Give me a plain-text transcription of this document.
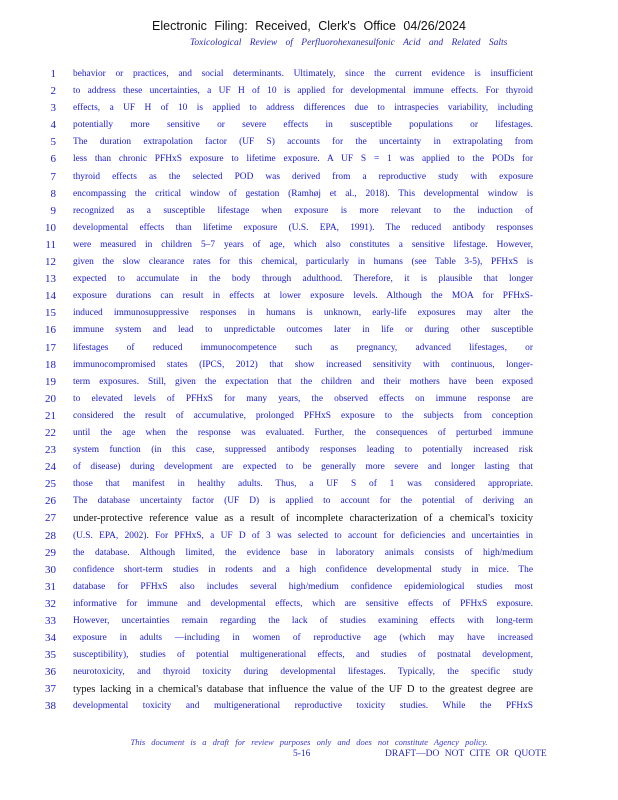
Electronic Filing: Received, Clerk's Office 04/26/2024
Toxicological Review of Perfluorohexanesulfonic Acid and Related Salts
1 behavior or practices, and social determinants. Ultimately, since the current evidence is insufficient
2 to address these uncertainties, a UF H of 10 is applied for developmental immune effects. For thyroid
3 effects, a UF H of 10 is applied to address differences due to intraspecies variability, including
4 potentially more sensitive or severe effects in susceptible populations or lifestages.
5 The duration extrapolation factor (UF S) accounts for the uncertainty in extrapolating from
6 less than chronic PFHxS exposure to lifetime exposure. A UF S = 1 was applied to the PODs for
7 thyroid effects as the selected POD was derived from a reproductive study with exposure
8 encompassing the critical window of gestation (Ramhøj et al., 2018). This developmental window is
9 recognized as a susceptible lifestage when exposure is more relevant to the induction of
10 developmental effects than lifetime exposure (U.S. EPA, 1991). The reduced antibody responses
11 were measured in children 5–7 years of age, which also constitutes a sensitive lifestage. However,
12 given the slow clearance rates for this chemical, particularly in humans (see Table 3-5), PFHxS is
13 expected to accumulate in the body through adulthood. Therefore, it is plausible that longer
14 exposure durations can result in effects at lower exposure levels. Although the MOA for PFHxS-
15 induced immunosuppressive responses in humans is unknown, early-life exposures may alter the
16 immune system and lead to unpredictable outcomes later in life or during other susceptible
17 lifestages of reduced immunocompetence such as pregnancy, advanced lifestages, or
18 immunocompromised states (IPCS, 2012) that show increased sensitivity with continuous, longer-
19 term exposures. Still, given the expectation that the children and their mothers have been exposed
20 to elevated levels of PFHxS for many years, the observed effects on immune response are
21 considered the result of accumulative, prolonged PFHxS exposure to the subjects from conception
22 until the age when the response was evaluated. Further, the consequences of perturbed immune
23 system function (in this case, suppressed antibody responses leading to potentially increased risk
24 of disease) during development are expected to be generally more severe and longer lasting that
25 those that manifest in healthy adults. Thus, a UF S of 1 was considered appropriate.
26 The database uncertainty factor (UF D) is applied to account for the potential of deriving an
27 under-protective reference value as a result of incomplete characterization of a chemical's toxicity
28 (U.S. EPA, 2002). For PFHxS, a UF D of 3 was selected to account for deficiencies and uncertainties in
29 the database. Although limited, the evidence base in laboratory animals consists of high/medium
30 confidence short-term studies in rodents and a high confidence developmental study in mice. The
31 database for PFHxS also includes several high/medium confidence epidemiological studies most
32 informative for immune and developmental effects, which are sensitive effects of PFHxS exposure.
33 However, uncertainties remain regarding the lack of studies examining effects with long-term
34 exposure in adults —including in women of reproductive age (which may have increased
35 susceptibility), studies of potential multigenerational effects, and studies of postnatal development,
36 neurotoxicity, and thyroid toxicity during developmental lifestages. Typically, the specific study
37 types lacking in a chemical's database that influence the value of the UF D to the greatest degree are
38 developmental toxicity and multigenerational reproductive toxicity studies. While the PFHxS
This document is a draft for review purposes only and does not constitute Agency policy.
5-16	DRAFT—DO NOT CITE OR QUOTE
